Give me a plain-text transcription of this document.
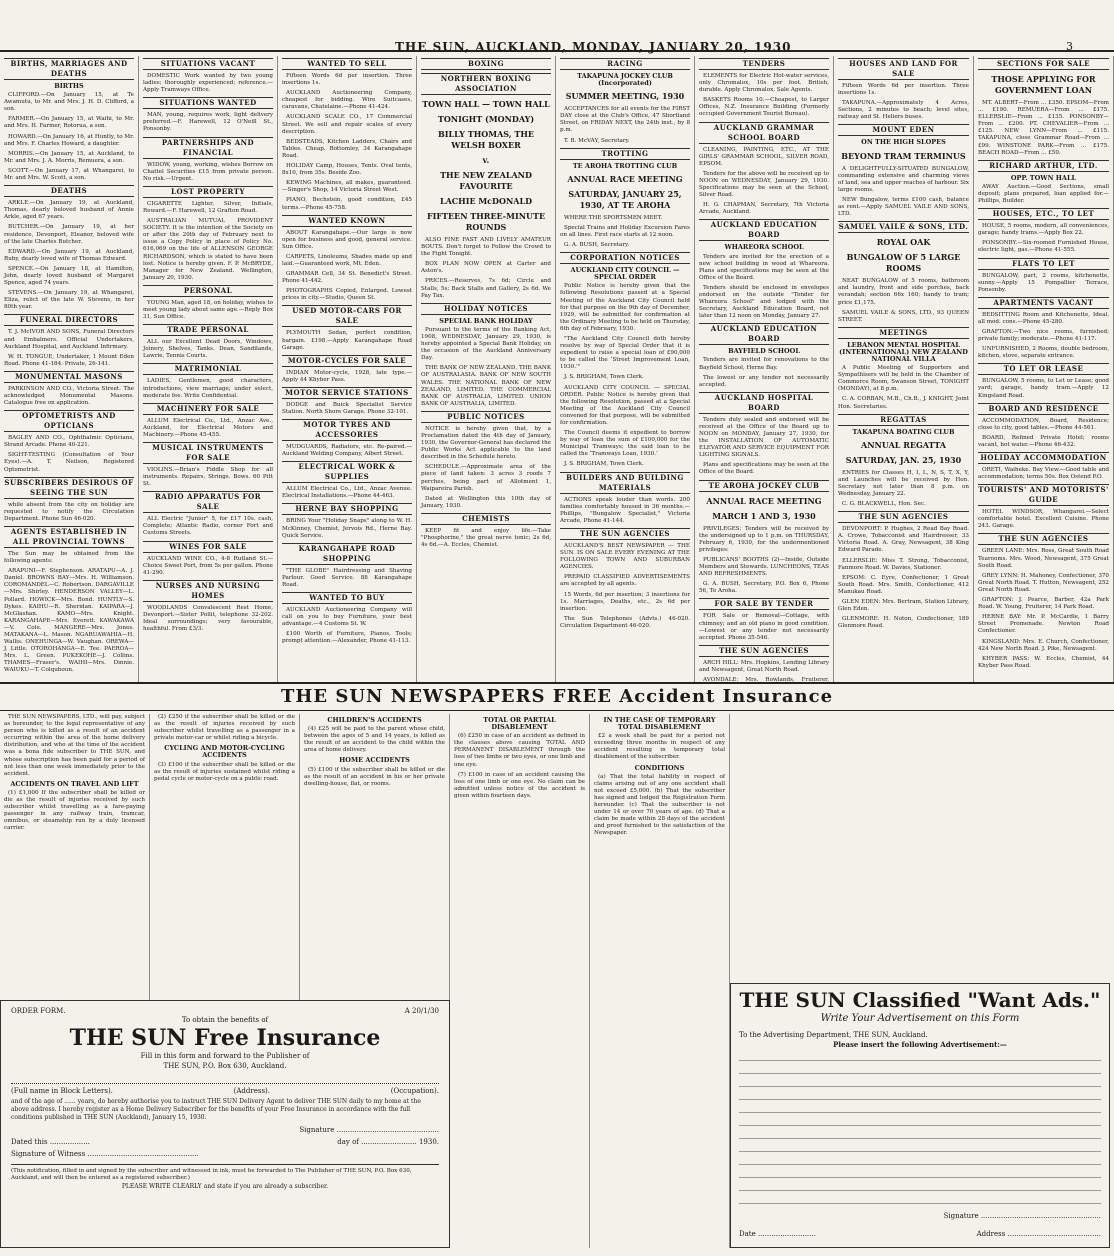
THE SUN, AUCKLAND, MONDAY, JANUARY 20, 1930	3
BIRTHS, MARRIAGES AND DEATHS
BIRTHS
CLIFFORD.—On January 15, at Te Awamutu, to Mr. and Mrs. J. H. D. Clifford, a son.
FARMER.—On January 15, at Waihi, to Mr. and Mrs. H. Farmer, Rotorua, a son.
HOWARD.—On January 16, at Huntly, to Mr. and Mrs. F. Charles Howard, a daughter.
MORRIS.—On January 15, at Auckland, to Mr. and Mrs. J. A. Morris, Remuera, a son.
SCOTT.—On January 17, at Whangarei, to Mr. and Mrs. W. Scott, a son.
DEATHS
ARKLE.—On January 19, at Auckland, Thomas, dearly beloved husband of Annie Arkle, aged 67 years.
BUTCHER.—On January 19, at her residence, Devonport, Eleanor, beloved wife of the late Charles Butcher.
EDWARD.—On January 19, at Auckland, Ruby, dearly loved wife of Thomas Edward.
SPENCE.—On January 18, at Hamilton, John, dearly loved husband of Margaret Spence, aged 74 years.
STEVENS.—On January 19, at Whangarei, Eliza, relict of the late W. Stevens, in her 80th year.
FUNERAL DIRECTORS
T. J. McIVOR AND SONS, Funeral Directors and Embalmers. Official Undertakers, Auckland Hospital, and Auckland Infirmary.
W. H. TONGUE, Undertaker, 1 Mount Eden Road. Phone 41-184. Private, 26-141.
MONUMENTAL MASONS
PARKINSON AND CO., Victoria Street. The acknowledged Monumental Masons. Catalogue free on application.
OPTOMETRISTS AND OPTICIANS
BAGLEY AND CO., Ophthalmic Opticians, Strand Arcade. Phone 40-221.
SIGHT-TESTING (Consultation of Your Eyes).—A. T. Neilson, Registered Optometrist.
SUBSCRIBERS DESIROUS OF SEEING THE SUN
while absent from the city on holiday are requested to notify the Circulation Department. Phone Sun 46-020.
AGENTS ESTABLISHED IN ALL PROVINCIAL TOWNS
The Sun may be obtained from the following agents:
ARAPUNI—F. Stephenson. ARATAPU—A. J. Daniel. BROWNS BAY—Mrs. H. Williamson. COROMANDEL—C. Robertson. DARGAVILLE—Mrs. Shirley. HENDERSON VALLEY—L. Pollard. HOWICK—Mrs. Bond. HUNTLY—S. Dykes. KAIHU—R. Sheridan. KAIPARA—J. McGlashan. KAMO—Mrs. Knight. KARANGAHAPE—Mrs. Everett. KAWAKAWA—V. Cole. MANGERE—Mrs. Jones. MATAKANA—L. Mason. NGARUAWAHIA—H. Wallis. ONEHUNGA—W. Vaughan. OREWA—J. Little. OTOROHANGA—E. Tee. PAEROA—Mrs. L. Green. PUKEKOHE—J. Collins. THAMES—Fraser's. WAIHI—Mrs. Dinnie. WAIUKU—T. Colquhoun.
SITUATIONS VACANT
DOMESTIC Work wanted by two young ladies; thoroughly experienced; reference.—Apply Tramways Office.
SITUATIONS WANTED
MAN, young, requires work, light delivery preferred.—F. Harewell, 12 O'Neill St., Ponsonby.
PARTNERSHIPS AND FINANCIAL
WIDOW, young, working, wishes Borrow on Chattel Securities £15 from private person. No risk.—Urgent.
LOST PROPERTY
CIGARETTE Lighter, Silver, Initials, Reward.—F. Harewell, 12 Grafton Road.
AUSTRALIAN MUTUAL PROVIDENT SOCIETY. It is the intention of the Society on or after the 20th day of February next to issue a Copy Policy in place of Policy No. 616,069 on the life of ALLENSON GEORGE RICHARDSON, which is stated to have been lost. Notice is hereby given. F. P. McBRYDE, Manager for New Zealand. Wellington, January 20, 1930.
PERSONAL
YOUNG Man, aged 18, on holiday, wishes to meet young lady about same age.—Reply Box 31, Sun Office.
TRADE PERSONAL
ALL our Excellent Dead Doors, Windows, Joinery, Shelves, Tanks. Dean, Sandilands, Lawrie, Tennis Courts.
MATRIMONIAL
LADIES, Gentlemen, good characters, introductions, view marriage; under select, moderate fee. Write Confidential.
MACHINERY FOR SALE
ALLUM Electrical Co., Ltd., Anzac Ave., Auckland, for Electrical Motors and Machinery.—Phone 45-455.
MUSICAL INSTRUMENTS FOR SALE
VIOLINS.—Brian's Fiddle Shop for all instruments. Repairs. Strings. Bows. 60 Pitt St.
RADIO APPARATUS FOR SALE
ALL Electric "Junior" 5, for £17 10s. cash, Complete; Atlantic Radio, corner Fort and Customs Streets.
WINES FOR SALE
AUCKLAND WINE CO., 4-8 Rutland St.—Choice Sweet Port, from 5s per gallon. Phone 41-290.
NURSES AND NURSING HOMES
WOODLANDS Convalescent Rest Home, Devonport.—Sister Pollit, telephone 32-202. Ideal surroundings; very favourable, healthful. From £3/3.
WANTED TO SELL
Fifteen Words 6d per insertion. Three insertions 1s.
AUCKLAND Auctioneering Company, cheapest for bidding. Wire Suitcases, caravans, Chatelaine.—Phone 41-424.
AUCKLAND SCALE CO., 17 Commercial Street. We sell and repair scales of every description.
BEDSTEADS, Kitchen Ladders, Chairs and Tables. Cheap. Bottomley, 34 Karangahape Road.
HOLIDAY Camp, Houses, Tents. Oval tents, 8x10, from 35s. Beside Zoo.
KEWING Machines, all makes, guaranteed.—Singer's Shop, 14 Victoria Street West.
PIANO, Bechstein, good condition, £45 terms.—Phone 45-758.
WANTED KNOWN
ABOUT Karangahape.—Our large is now open for business and good, general service. Sun Office.
CARPETS, Linoleums, Shades made up and laid.—Guaranteed work, Mt. Eden.
GRAMMAR Cell, 34 St. Benedict's Street. Phone 41-442.
PHOTOGRAPHS Copied, Enlarged. Lowest prices in city.—Studio, Queen St.
USED MOTOR-CARS FOR SALE
PLYMOUTH Sedan, perfect condition, bargain. £198.—Apply Karangahape Road Garage.
MOTOR-CYCLES FOR SALE
INDIAN Motor-cycle, 1928, late type.—Apply 44 Khyber Pass.
MOTOR SERVICE STATIONS
DODGE and Buick Specialist Service Station. North Shore Garage. Phone 32-101.
MOTOR TYRES AND ACCESSORIES
MUDGUARDS, Radiators, etc. Re-paired.—Auckland Welding Company, Albert Street.
ELECTRICAL WORK & SUPPLIES
ALLUM Electrical Co., Ltd., Anzac Avenue. Electrical Installations.—Phone 44-463.
HERNE BAY SHOPPING
BRING Your "Holiday Snaps" along to W. H. McKinney, Chemist, Jervois Rd., Herne Bay. Quick Service.
KARANGAHAPE ROAD SHOPPING
"THE GLOBE" Hairdressing and Shaving Parlour. Good Service. 88 Karangahape Road.
WANTED TO BUY
AUCKLAND Auctioneering Company will call on you to buy Furniture, your best advantage.—4 Customs St. W.
£100 Worth of Furniture, Pianos, Tools; prompt attention.—Alexander, Phone 41-113.
BOXING
NORTHERN BOXING ASSOCIATION
TOWN HALL — TOWN HALL
TONIGHT (MONDAY)
BILLY THOMAS, THE WELSH BOXER
v.
THE NEW ZEALAND FAVOURITE
LACHIE McDONALD
FIFTEEN THREE-MINUTE ROUNDS
ALSO FINE FAST AND LIVELY AMATEUR BOUTS. Don't forget to Follow the Crowd to the Fight Tonight.
BOX PLAN NOW OPEN at Carter and Aston's.
PRICES.—Reserves, 7s 6d; Circle and Stalls, 5s; Back Stalls and Gallery, 2s 6d. We Pay Tax.
HOLIDAY NOTICES
SPECIAL BANK HOLIDAY
Pursuant to the terms of the Banking Act, 1908, WEDNESDAY, January 29, 1930, is hereby appointed a Special Bank Holiday, on the occasion of the Auckland Anniversary Day.
THE BANK OF NEW ZEALAND. THE BANK OF AUSTRALASIA. BANK OF NEW SOUTH WALES. THE NATIONAL BANK OF NEW ZEALAND, LIMITED. THE COMMERCIAL BANK OF AUSTRALIA, LIMITED. UNION BANK OF AUSTRALIA, LIMITED.
PUBLIC NOTICES
NOTICE is hereby given that, by a Proclamation dated the 4th day of January, 1930, the Governor-General has declared the Public Works Act applicable to the land described in the Schedule hereto.
SCHEDULE.—Approximate area of the piece of land taken: 3 acres 3 roods 7 perches, being part of Allotment 1, Waipareira Parish.
Dated at Wellington this 10th day of January, 1930.
CHEMISTS
KEEP fit and enjoy life.—Take "Phosphorine," the great nerve tonic; 2s 6d, 4s 6d.—A. Eccles, Chemist.
RACING
TAKAPUNA JOCKEY CLUB (Incorporated)
SUMMER MEETING, 1930
ACCEPTANCES for all events for the FIRST DAY close at the Club's Office, 47 Shortland Street, on FRIDAY NEXT, the 24th inst., by 8 p.m.
T. B. McVAY, Secretary.
TROTTING
TE AROHA TROTTING CLUB
ANNUAL RACE MEETING
SATURDAY, JANUARY 25, 1930, AT TE AROHA
WHERE THE SPORTSMEN MEET.
Special Trains and Holiday Excursion Fares on all lines. First race starts at 12 noon.
G. A. BUSH, Secretary.
CORPORATION NOTICES
AUCKLAND CITY COUNCIL — SPECIAL ORDER
Public Notice is hereby given that the following Resolutions passed at a Special Meeting of the Auckland City Council held for that purpose on the 9th day of December, 1929, will be submitted for confirmation at the Ordinary Meeting to be held on Thursday, 6th day of February, 1930.
"The Auckland City Council doth hereby resolve by way of Special Order that it is expedient to raise a special loan of £90,000 to be called the ‘Street Improvement Loan, 1930.’"
J. S. BRIGHAM, Town Clerk.
AUCKLAND CITY COUNCIL — SPECIAL ORDER. Public Notice is hereby given that the following Resolution, passed at a Special Meeting of the Auckland City Council convened for that purpose, will be submitted for confirmation.
The Council deems it expedient to borrow by way of loan the sum of £100,000 for the Municipal Tramways; the said loan to be called the ‘Tramways Loan, 1930.’
J. S. BRIGHAM, Town Clerk.
BUILDERS AND BUILDING MATERIALS
ACTIONS speak louder than words. 200 families comfortably housed in 36 months.—Phillips, "Bungalow Specialist," Victoria Arcade, Phone 41-144.
THE SUN AGENCIES
AUCKLAND'S BEST NEWSPAPER — THE SUN. IS ON SALE EVERY EVENING AT THE FOLLOWING TOWN AND SUBURBAN AGENCIES.
PREPAID CLASSIFIED ADVERTISEMENTS are accepted by all agents.
15 Words, 6d per insertion; 3 insertions for 1s. Marriages, Deaths, etc., 2s 6d per insertion.
The Sun Telephones (Advts.) 46-020. Circulation Department 46-020.
TENDERS
ELEMENTS for Electric Hot-water services, only Chromalox, 10s per foot. British, durable. Apply Chromalox, Sale Agents.
BASKETS Rooms 10.—Cheapest, to Larger Offices, N.Z. Insurance Building (Formerly occupied Government Tourist Bureau).
AUCKLAND GRAMMAR SCHOOL BOARD
CLEANING, PAINTING, ETC., AT THE GIRLS' GRAMMAR SCHOOL, SILVER ROAD, EPSOM.
Tenders for the above will be received up to NOON on WEDNESDAY, January 29, 1930. Specifications may be seen at the School, Silver Road.
H. G. CHAPMAN, Secretary, 7th Victoria Arcade, Auckland.
AUCKLAND EDUCATION BOARD
WHAREORA SCHOOL
Tenders are invited for the erection of a new school building in wood at Whareora. Plans and specifications may be seen at the Office of the Board.
Tenders should be enclosed in envelopes endorsed on the outside "Tender for Whareora School" and lodged with the Secretary, Auckland Education Board, not later than 12 noon on Monday, January 27.
AUCKLAND EDUCATION BOARD
BAYFIELD SCHOOL
Tenders are invited for renovations to the Bayfield School, Herne Bay.
The lowest or any tender not necessarily accepted.
AUCKLAND HOSPITAL BOARD
Tenders duly sealed and endorsed will be received at the Office of the Board up to NOON on MONDAY, January 27, 1930, for the INSTALLATION OF AUTOMATIC ELEVATOR AND SERVICE EQUIPMENT FOR LIGHTING SIGNALS.
Plans and specifications may be seen at the Office of the Board.
TE AROHA JOCKEY CLUB
ANNUAL RACE MEETING
MARCH 1 AND 3, 1930
PRIVILEGES: Tenders will be received by the undersigned up to 1 p.m. on THURSDAY, February 6, 1930, for the undermentioned privileges:
PUBLICANS' BOOTHS (2)—Inside, Outside Members and Stewards. LUNCHEONS, TEAS AND REFRESHMENTS.
G. A. BUSH, Secretary, P.O. Box 6, Phone 56, Te Aroha.
FOR SALE BY TENDER
FOR Sale or Removal—Cottage, with chimney; and an old piano in good condition.—Lowest or any tender not necessarily accepted. Phone 35-546.
THE SUN AGENCIES
ARCH HILL: Mrs. Hopkins, Lending Library and Newsagent, Great North Road.
AVONDALE: Mrs. Rowlands, Fruiterer,
HOUSES AND LAND FOR SALE
Fifteen Words 6d per insertion. Three insertions 1s.
TAKAPUNA.—Approximately 4 Acres, Sections, 2 minutes to beach; level sites, railway and St. Heliers buses.
MOUNT EDEN
ON THE HIGH SLOPES
BEYOND TRAM TERMINUS
A DELIGHTFULLY-SITUATED BUNGALOW, commanding extensive and charming views of land, sea and upper reaches of harbour. Six large rooms.
NEW Bungalow, terms £100 cash, balance as rent.—Apply SAMUEL VAILE AND SONS, LTD.
SAMUEL VAILE & SONS, LTD.
ROYAL OAK
BUNGALOW OF 5 LARGE ROOMS
NEAT BUNGALOW of 5 rooms, bathroom and laundry, front and side porches, back verandah; section 66x 160; handy to tram; price £1,175.
SAMUEL VAILE & SONS, LTD., 93 QUEEN STREET.
MEETINGS
LEBANON MENTAL HOSPITAL (INTERNATIONAL) NEW ZEALAND NATIONAL VILLA
A Public Meeting of Supporters and Sympathisers will be held in the Chamber of Commerce Room, Swanson Street, TONIGHT (MONDAY), at 8 p.m.
C. A. CORBAN, M.B., Ch.B., J. KNIGHT, Joint Hon. Secretaries.
REGATTAS
TAKAPUNA BOATING CLUB
ANNUAL REGATTA
SATURDAY, JAN. 25, 1930
ENTRIES for Classes H, I, L, N, S, T, X, Y, and Launches will be received by Hon. Secretary not later than 8 p.m. on Wednesday, January 22.
C. G. BLACKWELL, Hon. Sec.
THE SUN AGENCIES
DEVONPORT: P. Hughes, 2 Read Bay Road. A. Crowe, Tobacconist and Hairdresser, 33 Victoria Road. A. Gray, Newsagent, 38 King Edward Parade.
ELLERSLIE: Miss T. Strong, Tobacconist, Fanmore Road. W. Davies, Stationer.
EPSOM: C. Eyre, Confectioner, 1 Great South Road. Mrs. Smith, Confectioner, 412 Manukau Road.
GLEN EDEN: Mrs. Bertram, Station Library, Glen Eden.
GLENMORE: H. Noton, Confectioner, 189 Glenmore Road.
SECTIONS FOR SALE
THOSE APPLYING FOR GOVERNMENT LOAN
MT. ALBERT—From ... £350. EPSOM—From ... £190. REMUERA—From ... £175. ELLERSLIE—From ... £135. PONSONBY—From ... £200. PT. CHEVALIER—From ... £125. NEW LYNN—From ... £115. TAKAPUNA, close Grammar Road—From ... £99. WINSTONE PARK—From ... £175. BEACH ROAD—From ... £50.
RICHARD ARTHUR, LTD.
OPP. TOWN HALL
AWAY Auction.—Good Sections, small deposit; plans prepared, loan applied for.—Phillips, Builder.
HOUSES, ETC., TO LET
HOUSE, 5 rooms, modern, all conveniences, garage; handy trams.—Apply Box 22.
PONSONBY.—Six-roomed Furnished House, electric light, gas.—Phone 41-555.
FLATS TO LET
BUNGALOW, part, 2 rooms, kitchenette, sunny.—Apply 15 Pompallier Terrace, Ponsonby.
APARTMENTS VACANT
BEDSITTING Room and Kitchenette, Ideal, all mod. cons.—Phone 45-280.
GRAFTON.—Two nice rooms, furnished; private family; moderate.—Phone 41-117.
UNFURNISHED, 2 Rooms, double bedroom, kitchen, stove, separate entrance.
TO LET OR LEASE
BUNGALOW, 5 rooms, to Let or Lease; good yard; garage, handy tram.—Apply 12 Kingsland Road.
BOARD AND RESIDENCE
ACCOMMODATION, Board, Residence; close to city, good tables.—Phone 44-561.
BOARD, Refined Private Hotel; rooms vacant, hot water.—Phone 46-432.
HOLIDAY ACCOMMODATION
ORETI, Waiheke. Bay View.—Good table and accommodation; terms 50s. Box Ostend P.O.
TOURISTS' AND MOTORISTS' GUIDE
HOTEL WINDSOR, Whangarei.—Select comfortable hotel. Excellent Cuisine. Phone 243. Garage.
THE SUN AGENCIES
GREEN LANE: Mrs. Ross, Great South Road Tearooms. Mrs. Wood, Newsagent, 375 Great South Road.
GREY LYNN: H. Mahoney, Confectioner, 370 Great North Road. T. Hutton, Newsagent, 252 Great North Road.
GRAFTON: J. Pearce, Barber, 42a Park Road. W. Young, Fruiterer, 14 Park Road.
HERNE BAY: Mr. P. McCardle, 1 Barry Street Promenade. Newton Road Confectioner.
KINGSLAND: Mrs. E. Church, Confectioner, 424 New North Road. J. Pike, Newsagent.
KHYBER PASS: W. Eccles, Chemist, 44 Khyber Pass Road.
THE SUN NEWSPAPERS FREE Accident Insurance
THE SUN NEWSPAPERS, LTD., will pay, subject as hereunder, to the legal representative of any person who is killed as a result of an accident occurring within the area of the home delivery distribution, and who at the time of the accident was a bona fide subscriber to THE SUN, and whose subscription has been paid for a period of not less than one week immediately prior to the accident.
ACCIDENTS ON TRAVEL AND LIFT
(1) £1,000 If the subscriber shall be killed or die as the result of injuries received by such subscriber whilst travelling as a fare-paying passenger in any railway train, tramcar, omnibus, or steamship run by a duly licensed carrier.
(2) £250 if the subscriber shall be killed or die as the result of injuries received by such subscriber whilst travelling as a passenger in a private motor-car or whilst riding a bicycle.
CYCLING AND MOTOR-CYCLING ACCIDENTS
(3) £100 if the subscriber shall be killed or die as the result of injuries sustained whilst riding a pedal cycle or motor-cycle on a public road.
CHILDREN'S ACCIDENTS
(4) £25 will be paid to the parent whose child, between the ages of 5 and 14 years, is killed as the result of an accident to the child within the area of home delivery.
HOME ACCIDENTS
(5) £100 if the subscriber shall be killed or die as the result of an accident in his or her private dwelling-house, flat, or rooms.
TOTAL OR PARTIAL DISABLEMENT
(6) £250 in case of an accident as defined in the clauses above causing TOTAL AND PERMANENT DISABLEMENT through the loss of two limbs or two eyes, or one limb and one eye.
(7) £100 in case of an accident causing the loss of one limb or one eye. No claim can be admitted unless notice of the accident is given within fourteen days.
IN THE CASE OF TEMPORARY TOTAL DISABLEMENT
£2 a week shall be paid for a period not exceeding three months in respect of any accident resulting in temporary total disablement of the subscriber.
CONDITIONS
(a) That the total liability in respect of claims arising out of any one accident shall not exceed £5,000. (b) That the subscriber has signed and lodged the Registration Form hereunder. (c) That the subscriber is not under 14 or over 70 years of age. (d) That a claim be made within 28 days of the accident and proof furnished to the satisfaction of the Newspaper.
ORDER FORM.	A 20/1/30
To obtain the benefits of
THE SUN Free Insurance
Fill in this form and forward to the Publisher of
THE SUN, P.O. Box 630, Auckland.
(Full name in Block Letters).	(Address).	(Occupation).
and of the age of ...... years, do hereby authorise you to instruct THE SUN Delivery Agent to deliver THE SUN daily to my home at the above address. I hereby register as a Home Delivery Subscriber for the benefits of your Free Insurance in accordance with the full conditions published in THE SUN (Auckland), January 15, 1930.
Signature ..............................................
Dated this ..................	day of ......................... 1930.
Signature of Witness ..................................................
(This notification, filled in and signed by the subscriber and witnessed in ink, must be forwarded to The Publisher of THE SUN, P.O. Box 630, Auckland, and will then be entered as a registered subscriber.)
PLEASE WRITE CLEARLY and state if you are already a subscriber.
THE SUN Classified "Want Ads."
Write Your Advertisement on this Form
To the Advertising Department, THE SUN, Auckland.
Please insert the following Advertisement:—
Signature ......................................................
Date ..........................	Address ..........................................
